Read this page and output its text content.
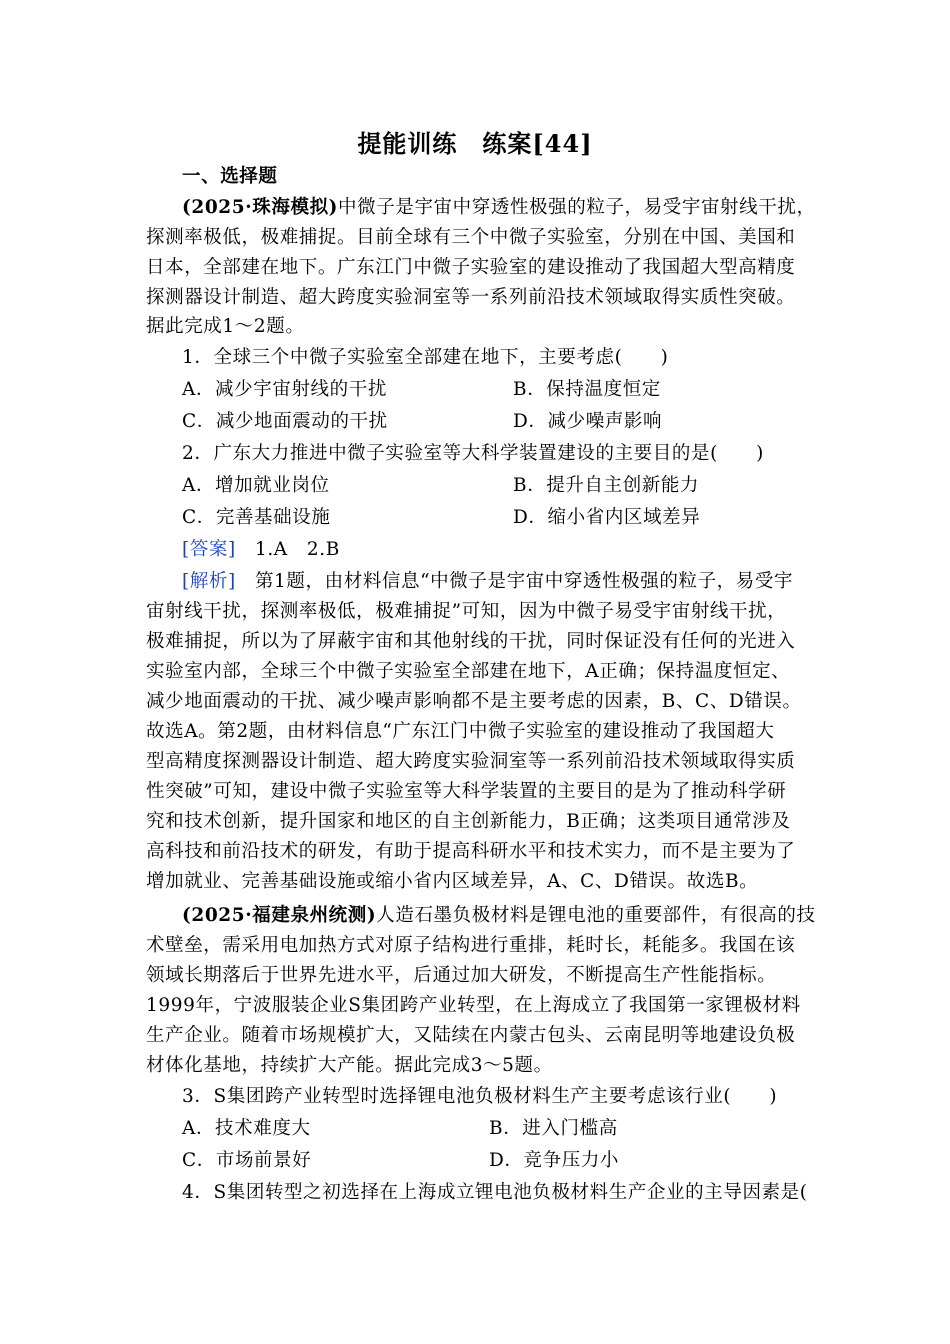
提能训练　练案[44]
一、选择题
(2025·珠海模拟)中微子是宇宙中穿透性极强的粒子，易受宇宙射线干扰，
探测率极低，极难捕捉。目前全球有三个中微子实验室，分别在中国、美国和
日本，全部建在地下。广东江门中微子实验室的建设推动了我国超大型高精度
探测器设计制造、超大跨度实验洞室等一系列前沿技术领域取得实质性突破。
据此完成1～2题。
1．全球三个中微子实验室全部建在地下，主要考虑(　　)
A．减少宇宙射线的干扰	B．保持温度恒定
C．减少地面震动的干扰	D．减少噪声影响
2．广东大力推进中微子实验室等大科学装置建设的主要目的是(　　)
A．增加就业岗位	B．提升自主创新能力
C．完善基础设施	D．缩小省内区域差异
[答案]　1.A　2.B
[解析]　第1题，由材料信息“中微子是宇宙中穿透性极强的粒子，易受宇
宙射线干扰，探测率极低，极难捕捉”可知，因为中微子易受宇宙射线干扰，
极难捕捉，所以为了屏蔽宇宙和其他射线的干扰，同时保证没有任何的光进入
实验室内部，全球三个中微子实验室全部建在地下，A正确；保持温度恒定、
减少地面震动的干扰、减少噪声影响都不是主要考虑的因素，B、C、D错误。
故选A。第2题，由材料信息“广东江门中微子实验室的建设推动了我国超大
型高精度探测器设计制造、超大跨度实验洞室等一系列前沿技术领域取得实质
性突破”可知，建设中微子实验室等大科学装置的主要目的是为了推动科学研
究和技术创新，提升国家和地区的自主创新能力，B正确；这类项目通常涉及
高科技和前沿技术的研发，有助于提高科研水平和技术实力，而不是主要为了
增加就业、完善基础设施或缩小省内区域差异，A、C、D错误。故选B。
(2025·福建泉州统测)人造石墨负极材料是锂电池的重要部件，有很高的技
术壁垒，需采用电加热方式对原子结构进行重排，耗时长，耗能多。我国在该
领域长期落后于世界先进水平，后通过加大研发，不断提高生产性能指标。
1999年，宁波服装企业S集团跨产业转型，在上海成立了我国第一家锂极材料
生产企业。随着市场规模扩大，又陆续在内蒙古包头、云南昆明等地建设负极
材体化基地，持续扩大产能。据此完成3～5题。
3．S集团跨产业转型时选择锂电池负极材料生产主要考虑该行业(　　)
A．技术难度大	B．进入门槛高
C．市场前景好	D．竞争压力小
4．S集团转型之初选择在上海成立锂电池负极材料生产企业的主导因素是(
